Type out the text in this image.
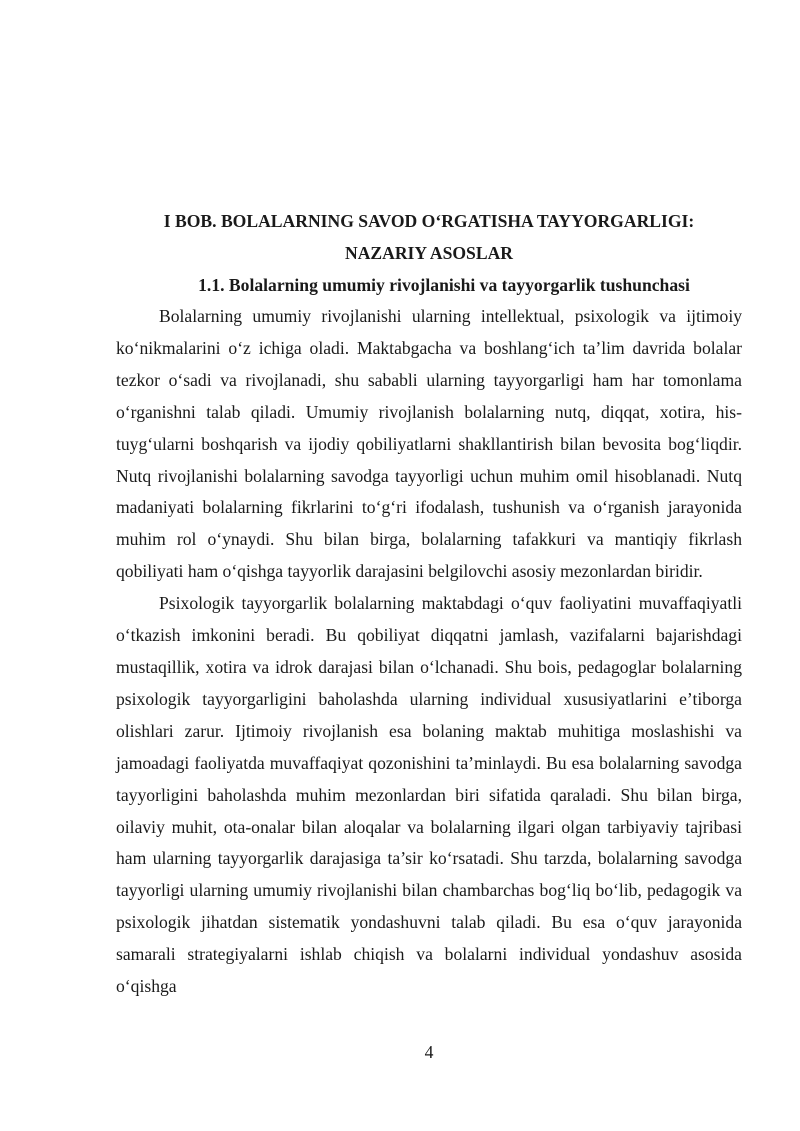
I BOB. BOLALARNING SAVOD O‘RGATISHA TAYYORGARLIGI:
NAZARIY ASOSLAR
1.1. Bolalarning umumiy rivojlanishi va tayyorgarlik tushunchasi

Bolalarning umumiy rivojlanishi ularning intellektual, psixologik va ijtimoiy ko‘nikmalarini o‘z ichiga oladi. Maktabgacha va boshlang‘ich ta’lim davrida bolalar tezkor o‘sadi va rivojlanadi, shu sababli ularning tayyorgarligi ham har tomonlama o‘rganishni talab qiladi. Umumiy rivojlanish bolalarning nutq, diqqat, xotira, his-tuyg‘ularni boshqarish va ijodiy qobiliyatlarni shakllantirish bilan bevosita bog‘liqdir. Nutq rivojlanishi bolalarning savodga tayyorligi uchun muhim omil hisoblanadi. Nutq madaniyati bolalarning fikrlarini to‘g‘ri ifodalash, tushunish va o‘rganish jarayonida muhim rol o‘ynaydi. Shu bilan birga, bolalarning tafakkuri va mantiqiy fikrlash qobiliyati ham o‘qishga tayyorlik darajasini belgilovchi asosiy mezonlardan biridir.

Psixologik tayyorgarlik bolalarning maktabdagi o‘quv faoliyatini muvaffaqiyatli o‘tkazish imkonini beradi. Bu qobiliyat diqqatni jamlash, vazifalarni bajarishdagi mustaqillik, xotira va idrok darajasi bilan o‘lchanadi. Shu bois, pedagoglar bolalarning psixologik tayyorgarligini baholashda ularning individual xususiyatlarini e’tiborga olishlari zarur. Ijtimoiy rivojlanish esa bolaning maktab muhitiga moslashishi va jamoadagi faoliyatda muvaffaqiyat qozonishini ta’minlaydi. Bu esa bolalarning savodga tayyorligini baholashda muhim mezonlardan biri sifatida qaraladi. Shu bilan birga, oilaviy muhit, ota-onalar bilan aloqalar va bolalarning ilgari olgan tarbiyaviy tajribasi ham ularning tayyorgarlik darajasiga ta’sir ko‘rsatadi. Shu tarzda, bolalarning savodga tayyorligi ularning umumiy rivojlanishi bilan chambarchas bog‘liq bo‘lib, pedagogik va psixologik jihatdan sistematik yondashuvni talab qiladi. Bu esa o‘quv jarayonida samarali strategiyalarni ishlab chiqish va bolalarni individual yondashuv asosida o‘qishga

4
